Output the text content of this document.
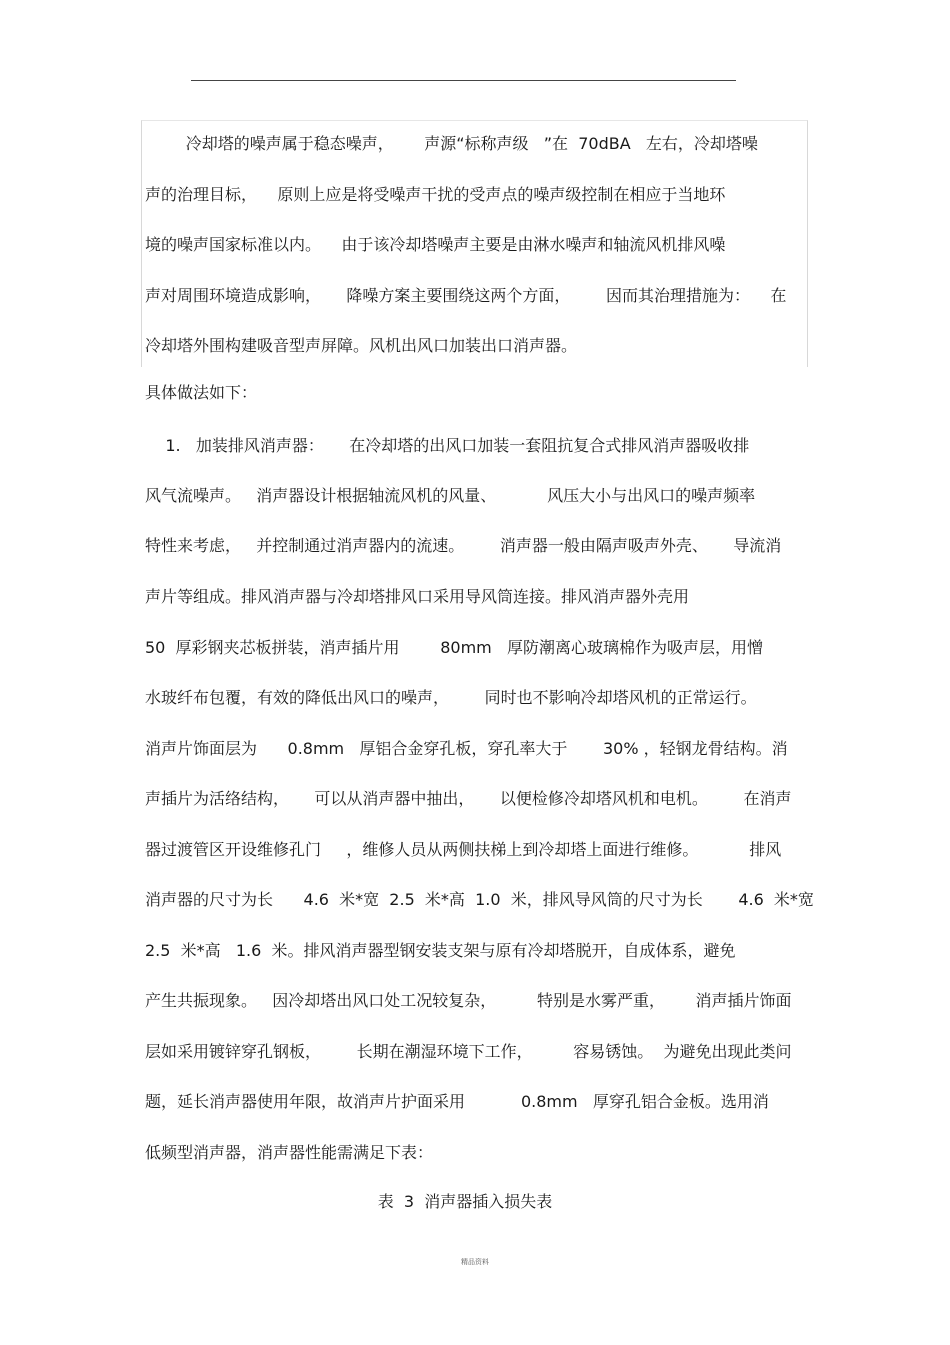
冷却塔的噪声属于稳态噪声，      声源“标称声级   ”在  70dBA   左右，冷却塔噪
声的治理目标，    原则上应是将受噪声干扰的受声点的噪声级控制在相应于当地环
境的噪声国家标准以内。    由于该冷却塔噪声主要是由淋水噪声和轴流风机排风噪
声对周围环境造成影响，     降噪方案主要围绕这两个方面，       因而其治理措施为：    在
冷却塔外围构建吸音型声屏障。风机出风口加装出口消声器。
具体做法如下：
1.   加装排风消声器：     在冷却塔的出风口加装一套阻抗复合式排风消声器吸收排
风气流噪声。   消声器设计根据轴流风机的风量、          风压大小与出风口的噪声频率
特性来考虑，   并控制通过消声器内的流速。       消声器一般由隔声吸声外壳、     导流消
声片等组成。排风消声器与冷却塔排风口采用导风筒连接。排风消声器外壳用
50  厚彩钢夹芯板拼装，消声插片用        80mm   厚防潮离心玻璃棉作为吸声层，用憎
水玻纤布包覆，有效的降低出风口的噪声，       同时也不影响冷却塔风机的正常运行。
消声片饰面层为      0.8mm   厚铝合金穿孔板，穿孔率大于       30% ，轻钢龙骨结构。消
声插片为活络结构，     可以从消声器中抽出，     以便检修冷却塔风机和电机。       在消声
器过渡管区开设维修孔门     ，维修人员从两侧扶梯上到冷却塔上面进行维修。          排风
消声器的尺寸为长      4.6  米*宽  2.5  米*高  1.0  米，排风导风筒的尺寸为长       4.6  米*宽
2.5  米*高   1.6  米。排风消声器型钢安装支架与原有冷却塔脱开，自成体系，避免
产生共振现象。   因冷却塔出风口处工况较复杂，        特别是水雾严重，      消声插片饰面
层如采用镀锌穿孔钢板，       长期在潮湿环境下工作，        容易锈蚀。  为避免出现此类问
题，延长消声器使用年限，故消声片护面采用           0.8mm   厚穿孔铝合金板。选用消
低频型消声器，消声器性能需满足下表：
表  3  消声器插入损失表
精品资料
